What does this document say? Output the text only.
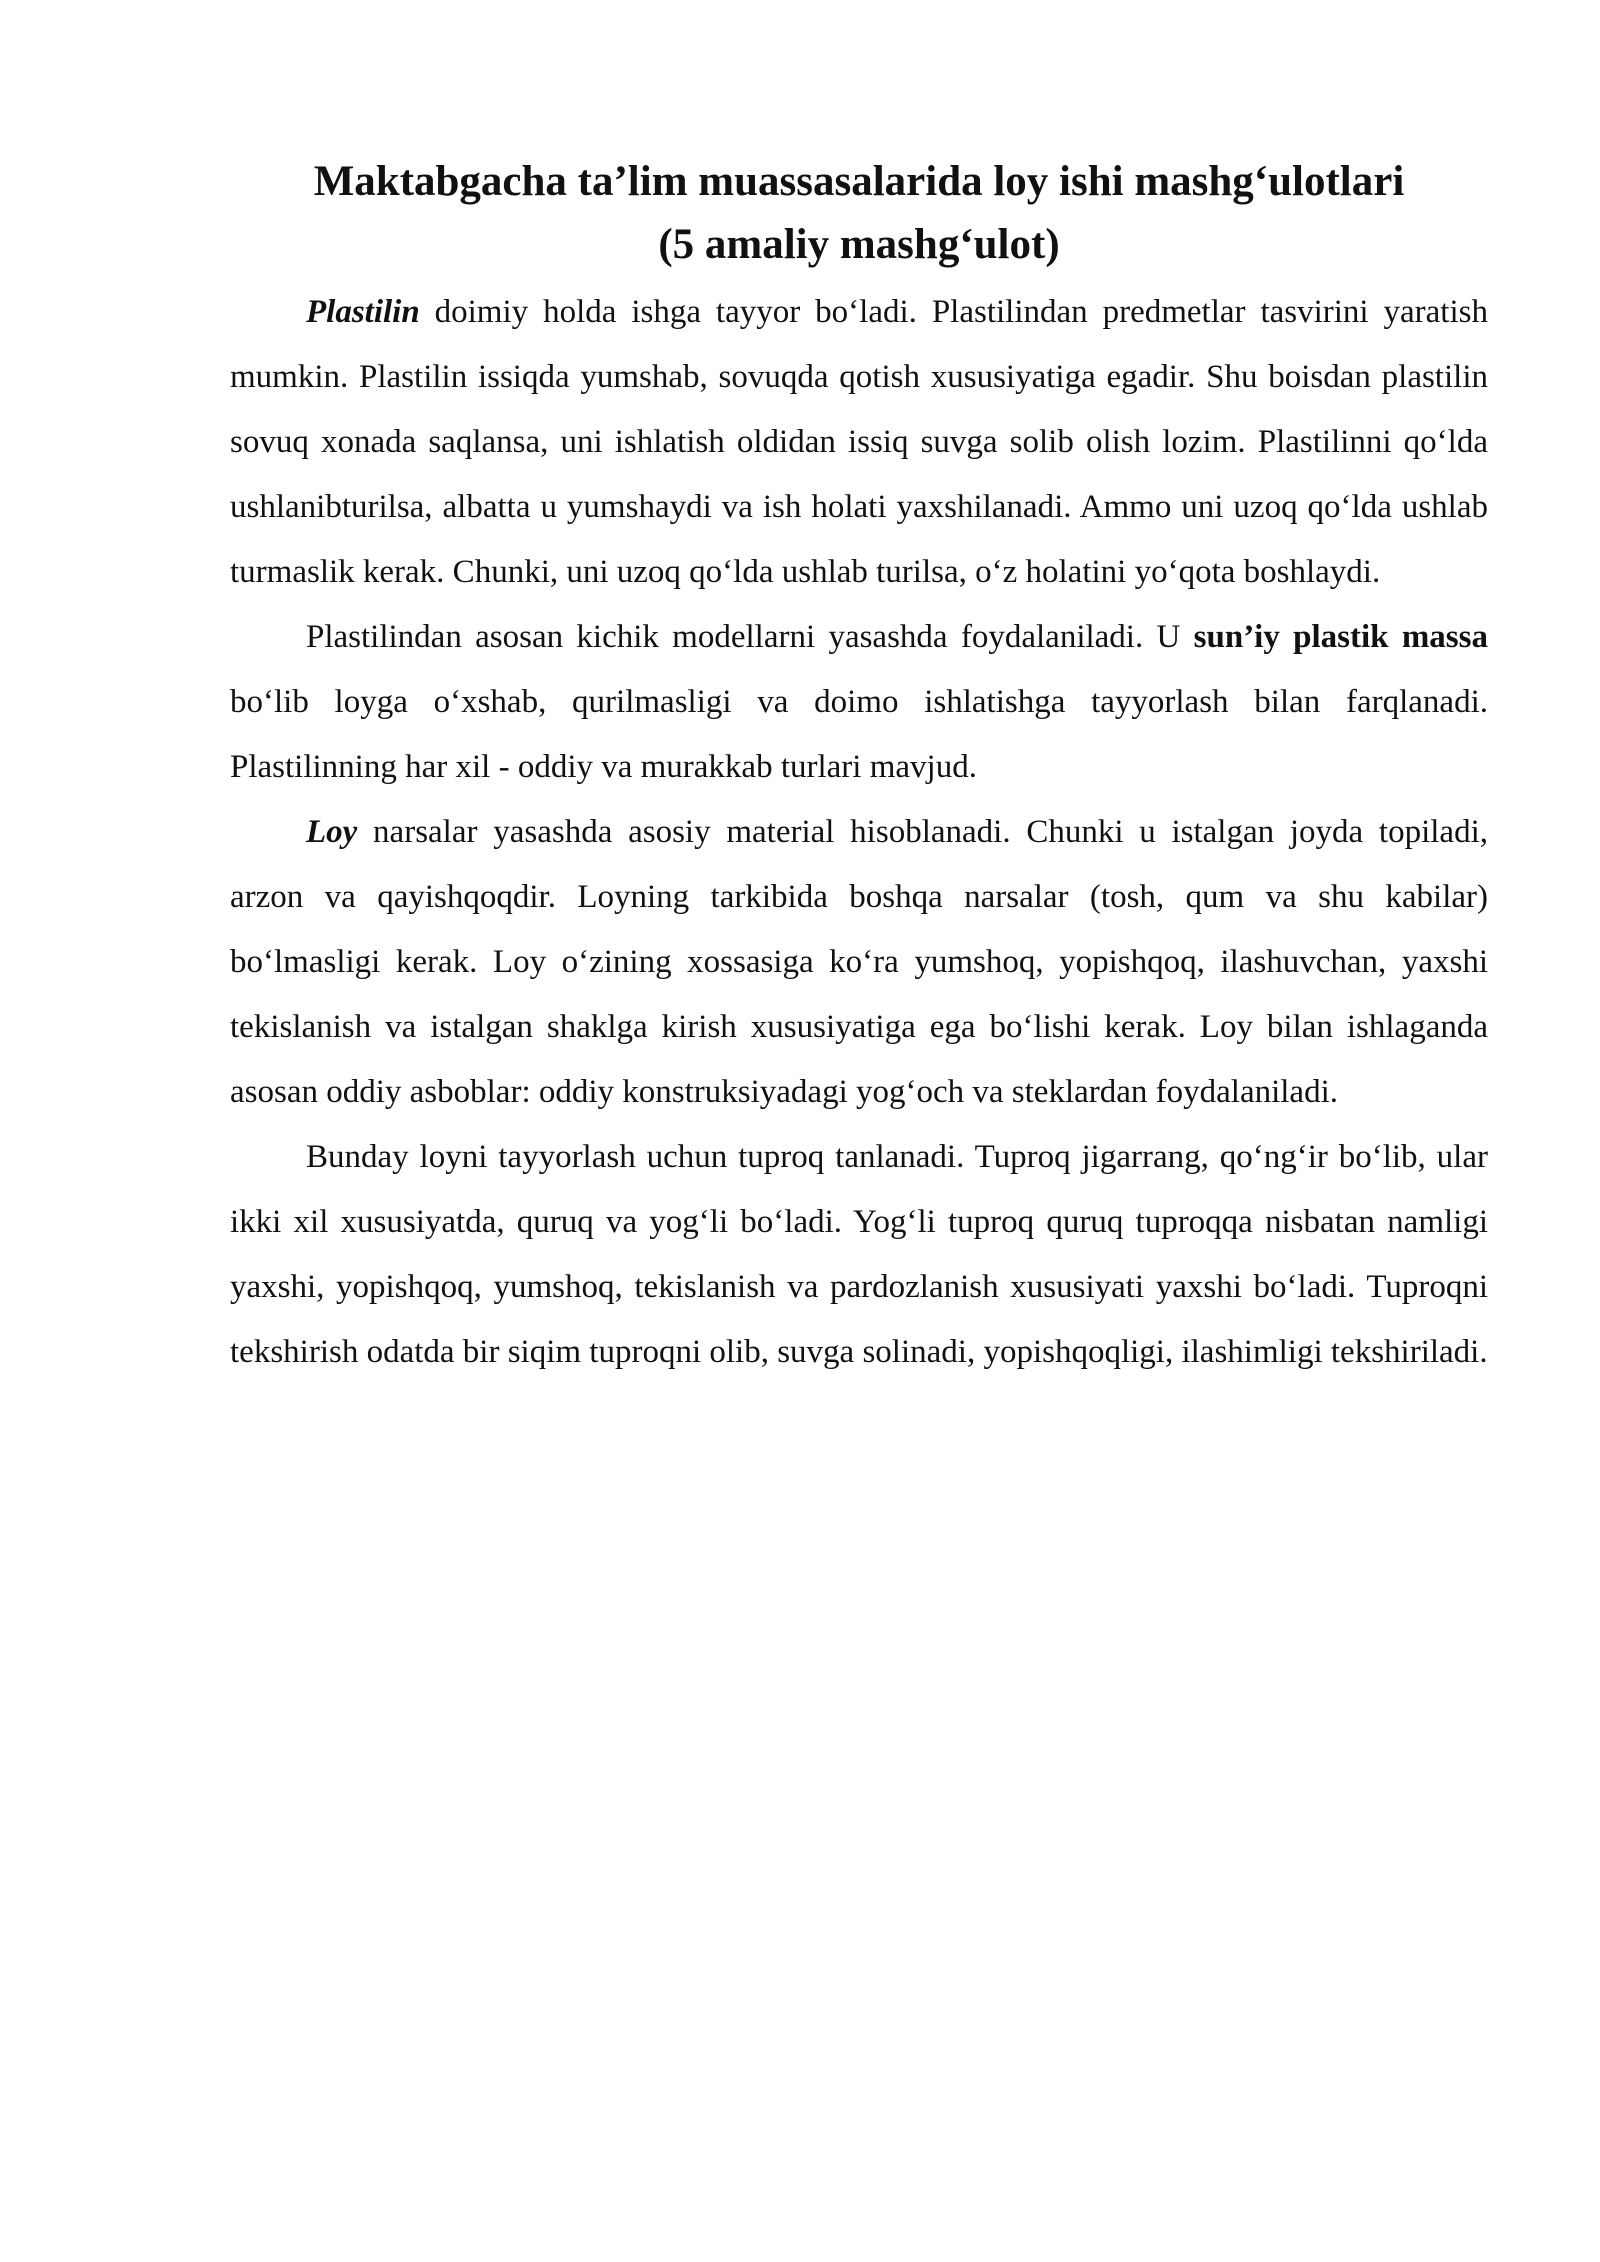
Maktabgacha ta’lim muassasalarida loy ishi mashg‘ulotlari
(5 amaliy mashg‘ulot)

Plastilin doimiy holda ishga tayyor bo‘ladi. Plastilindan predmetlar tasvirini yaratish mumkin. Plastilin issiqda yumshab, sovuqda qotish xususiyatiga egadir. Shu boisdan plastilin sovuq xonada saqlansa, uni ishlatish oldidan issiq suvga solib olish lozim. Plastilinni qo‘lda ushlanibturilsa, albatta u yumshaydi va ish holati yaxshilanadi. Ammo uni uzoq qo‘lda ushlab turmaslik kerak. Chunki, uni uzoq qo‘lda ushlab turilsa, o‘z holatini yo‘qota boshlaydi.

Plastilindan asosan kichik modellarni yasashda foydalaniladi. U sun’iy plastik massa bo‘lib loyga o‘xshab, qurilmasligi va doimo ishlatishga tayyorlash bilan farqlanadi. Plastilinning har xil - oddiy va murakkab turlari mavjud.

Loy narsalar yasashda asosiy material hisoblanadi. Chunki u istalgan joyda topiladi, arzon va qayishqoqdir. Loyning tarkibida boshqa narsalar (tosh, qum va shu kabilar) bo‘lmasligi kerak. Loy o‘zining xossasiga ko‘ra yumshoq, yopishqoq, ilashuvchan, yaxshi tekislanish va istalgan shaklga kirish xususiyatiga ega bo‘lishi kerak. Loy bilan ishlaganda asosan oddiy asboblar: oddiy konstruksiyadagi yog‘och va steklardan foydalaniladi.

Bunday loyni tayyorlash uchun tuproq tanlanadi. Tuproq jigarrang, qo‘ng‘ir bo‘lib, ular ikki xil xususiyatda, quruq va yog‘li bo‘ladi. Yog‘li tuproq quruq tuproqqa nisbatan namligi yaxshi, yopishqoq, yumshoq, tekislanish va pardozlanish xususiyati yaxshi bo‘ladi. Tuproqni tekshirish odatda bir siqim tuproqni olib, suvga solinadi, yopishqoqligi, ilashimligi tekshiriladi.
